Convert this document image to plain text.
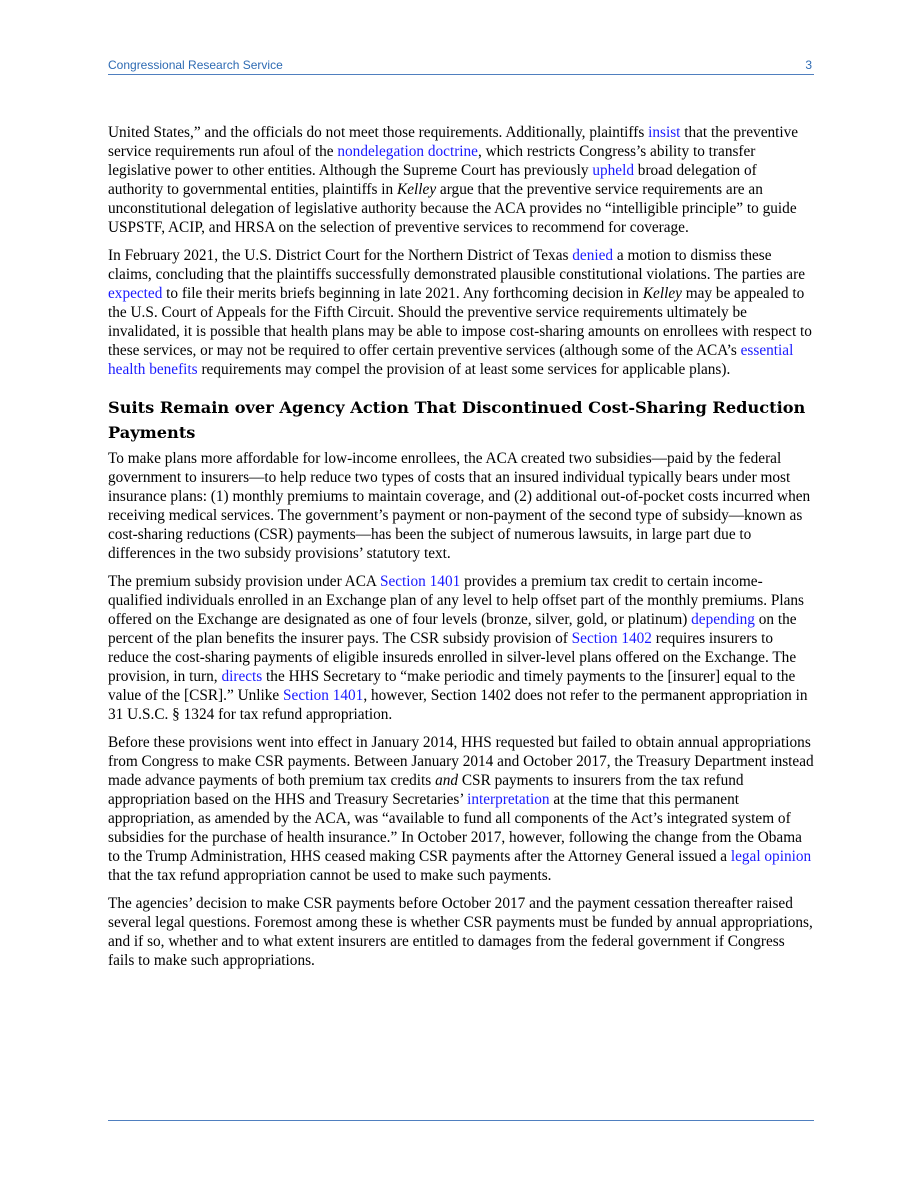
Congressional Research Service	3

United States,” and the officials do not meet those requirements. Additionally, plaintiffs insist that the preventive service requirements run afoul of the nondelegation doctrine, which restricts Congress’s ability to transfer legislative power to other entities. Although the Supreme Court has previously upheld broad delegation of authority to governmental entities, plaintiffs in Kelley argue that the preventive service requirements are an unconstitutional delegation of legislative authority because the ACA provides no “intelligible principle” to guide USPSTF, ACIP, and HRSA on the selection of preventive services to recommend for coverage.

In February 2021, the U.S. District Court for the Northern District of Texas denied a motion to dismiss these claims, concluding that the plaintiffs successfully demonstrated plausible constitutional violations. The parties are expected to file their merits briefs beginning in late 2021. Any forthcoming decision in Kelley may be appealed to the U.S. Court of Appeals for the Fifth Circuit. Should the preventive service requirements ultimately be invalidated, it is possible that health plans may be able to impose cost-sharing amounts on enrollees with respect to these services, or may not be required to offer certain preventive services (although some of the ACA’s essential health benefits requirements may compel the provision of at least some services for applicable plans).

Suits Remain over Agency Action That Discontinued Cost-Sharing Reduction Payments

To make plans more affordable for low-income enrollees, the ACA created two subsidies—paid by the federal government to insurers—to help reduce two types of costs that an insured individual typically bears under most insurance plans: (1) monthly premiums to maintain coverage, and (2) additional out-of-pocket costs incurred when receiving medical services. The government’s payment or non-payment of the second type of subsidy—known as cost-sharing reductions (CSR) payments—has been the subject of numerous lawsuits, in large part due to differences in the two subsidy provisions’ statutory text.

The premium subsidy provision under ACA Section 1401 provides a premium tax credit to certain income-qualified individuals enrolled in an Exchange plan of any level to help offset part of the monthly premiums. Plans offered on the Exchange are designated as one of four levels (bronze, silver, gold, or platinum) depending on the percent of the plan benefits the insurer pays. The CSR subsidy provision of Section 1402 requires insurers to reduce the cost-sharing payments of eligible insureds enrolled in silver-level plans offered on the Exchange. The provision, in turn, directs the HHS Secretary to “make periodic and timely payments to the [insurer] equal to the value of the [CSR].” Unlike Section 1401, however, Section 1402 does not refer to the permanent appropriation in 31 U.S.C. § 1324 for tax refund appropriation.

Before these provisions went into effect in January 2014, HHS requested but failed to obtain annual appropriations from Congress to make CSR payments. Between January 2014 and October 2017, the Treasury Department instead made advance payments of both premium tax credits and CSR payments to insurers from the tax refund appropriation based on the HHS and Treasury Secretaries’ interpretation at the time that this permanent appropriation, as amended by the ACA, was “available to fund all components of the Act’s integrated system of subsidies for the purchase of health insurance.” In October 2017, however, following the change from the Obama to the Trump Administration, HHS ceased making CSR payments after the Attorney General issued a legal opinion that the tax refund appropriation cannot be used to make such payments.

The agencies’ decision to make CSR payments before October 2017 and the payment cessation thereafter raised several legal questions. Foremost among these is whether CSR payments must be funded by annual appropriations, and if so, whether and to what extent insurers are entitled to damages from the federal government if Congress fails to make such appropriations.
